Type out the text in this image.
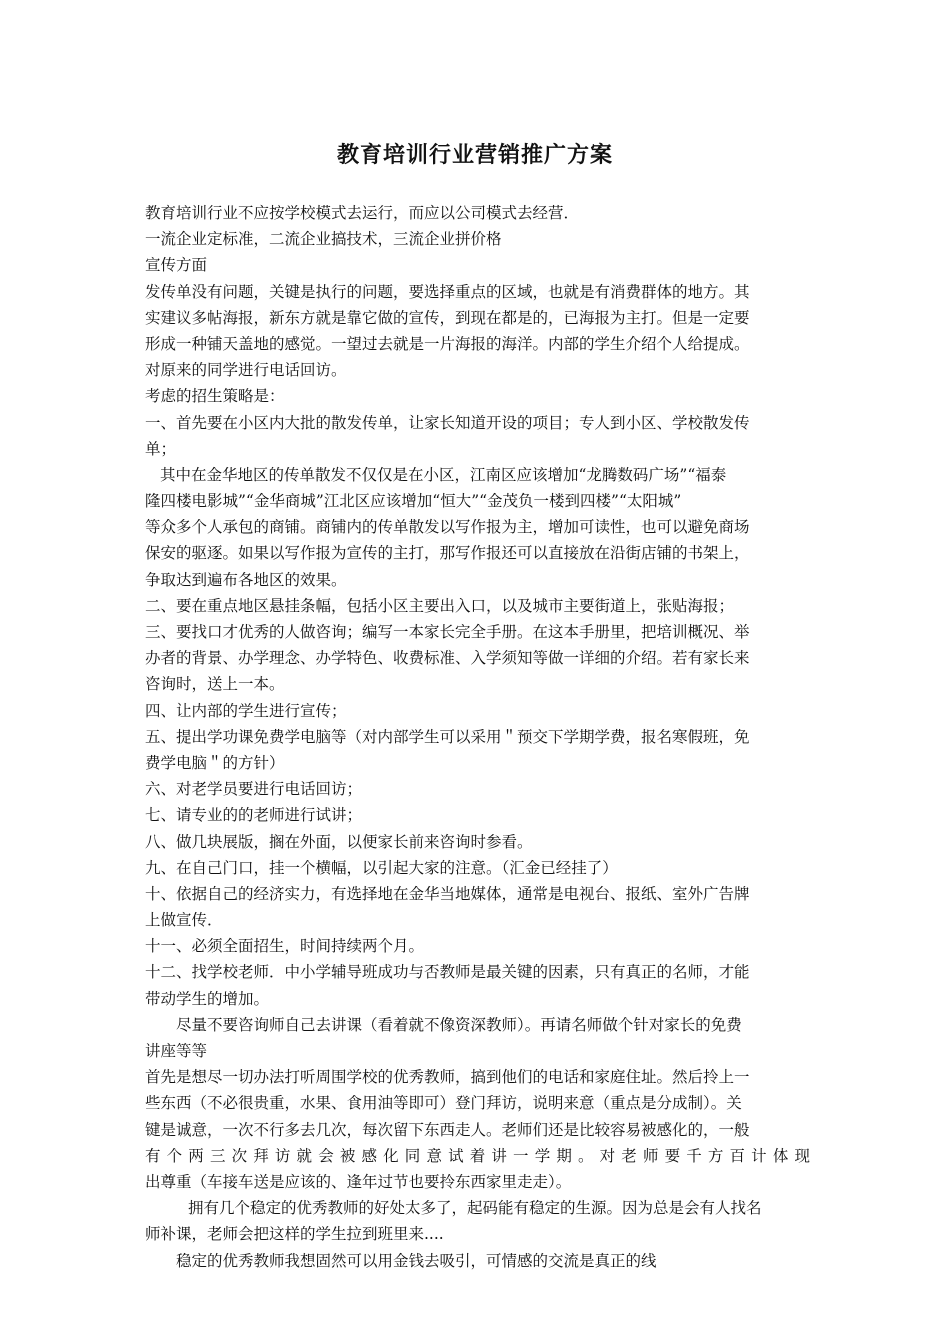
教育培训行业营销推广方案
教育培训行业不应按学校模式去运行，而应以公司模式去经营．
一流企业定标准，二流企业搞技术，三流企业拼价格
宣传方面
发传单没有问题，关键是执行的问题，要选择重点的区域，也就是有消费群体的地方。其
实建议多帖海报，新东方就是靠它做的宣传，到现在都是的，已海报为主打。但是一定要
形成一种铺天盖地的感觉。一望过去就是一片海报的海洋。内部的学生介绍个人给提成。
对原来的同学进行电话回访。
考虑的招生策略是：
一、首先要在小区内大批的散发传单，让家长知道开设的项目；专人到小区、学校散发传
单；
其中在金华地区的传单散发不仅仅是在小区，江南区应该增加“龙腾数码广场”“福泰
隆四楼电影城”“金华商城”江北区应该增加“恒大”“金茂负一楼到四楼”“太阳城”
等众多个人承包的商铺。商铺内的传单散发以写作报为主，增加可读性，也可以避免商场
保安的驱逐。如果以写作报为宣传的主打，那写作报还可以直接放在沿街店铺的书架上，
争取达到遍布各地区的效果。
二、要在重点地区悬挂条幅，包括小区主要出入口，以及城市主要街道上，张贴海报；
三、要找口才优秀的人做咨询；编写一本家长完全手册。在这本手册里，把培训概况、举
办者的背景、办学理念、办学特色、收费标准、入学须知等做一详细的介绍。若有家长来
咨询时，送上一本。
四、让内部的学生进行宣传；
五、提出学功课免费学电脑等（对内部学生可以采用＂预交下学期学费，报名寒假班，免
费学电脑＂的方针）
六、对老学员要进行电话回访；
七、请专业的的老师进行试讲；
八、做几块展版，搁在外面，以便家长前来咨询时参看。
九、在自己门口，挂一个横幅，以引起大家的注意。（汇金已经挂了）
十、依据自己的经济实力，有选择地在金华当地媒体，通常是电视台、报纸、室外广告牌
上做宣传．
十一、必须全面招生，时间持续两个月。
十二、找学校老师．中小学辅导班成功与否教师是最关键的因素，只有真正的名师，才能
带动学生的增加。
尽量不要咨询师自己去讲课（看着就不像资深教师）。再请名师做个针对家长的免费
讲座等等
首先是想尽一切办法打听周围学校的优秀教师，搞到他们的电话和家庭住址。然后拎上一
些东西（不必很贵重，水果、食用油等即可）登门拜访，说明来意（重点是分成制）。关
键是诚意，一次不行多去几次，每次留下东西走人。老师们还是比较容易被感化的，一般
有个两三次拜访就会被感化同意试着讲一学期。对老师要千方百计体现
出尊重（车接车送是应该的、逢年过节也要拎东西家里走走）。
拥有几个稳定的优秀教师的好处太多了，起码能有稳定的生源。因为总是会有人找名
师补课，老师会把这样的学生拉到班里来....
稳定的优秀教师我想固然可以用金钱去吸引，可情感的交流是真正的线
